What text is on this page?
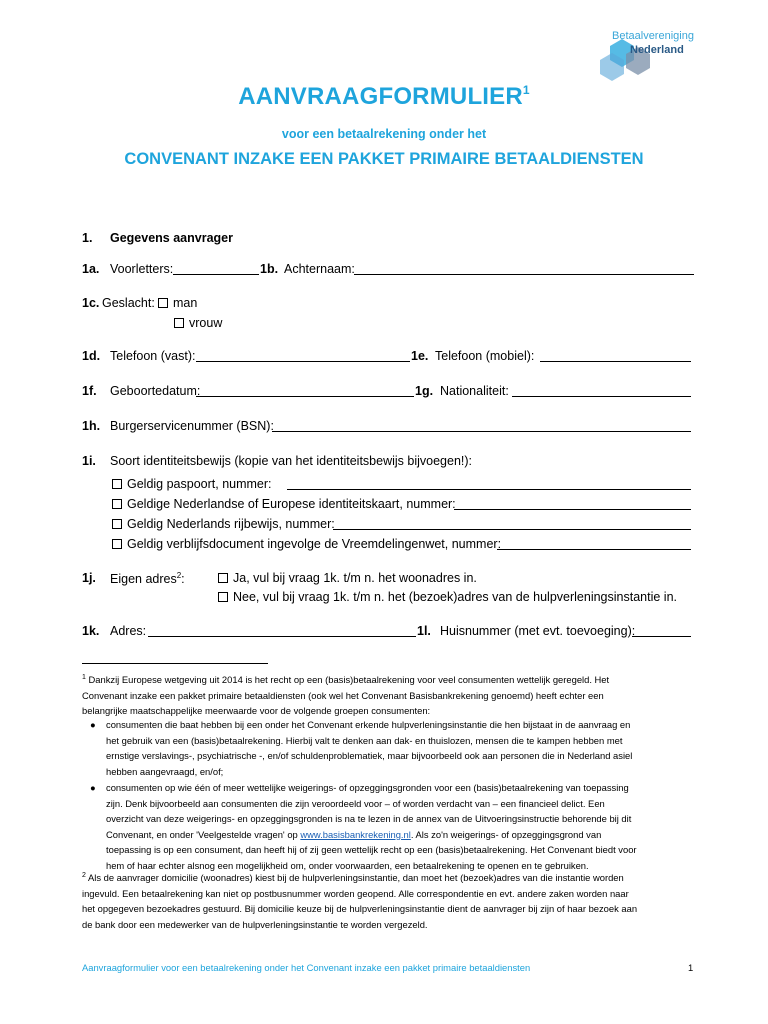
Betaalvereniging
Nederland
AANVRAAGFORMULIER$^1$
voor een betaalrekening onder het
CONVENANT INZAKE EEN PAKKET PRIMAIRE BETAALDIENSTEN
1. Gegevens aanvrager
1a. Voorletters:	1b. Achternaam:
1c. Geslacht:	man
vrouw
1d. Telefoon (vast):	1e. Telefoon (mobiel):
1f. Geboortedatum:	1g. Nationaliteit:
1h. Burgerservicenummer (BSN):
1i. Soort identiteitsbewijs (kopie van het identiteitsbewijs bijvoegen!):
Geldig paspoort, nummer:
Geldige Nederlandse of Europese identiteitskaart, nummer:
Geldig Nederlands rijbewijs, nummer:
Geldig verblijfsdocument ingevolge de Vreemdelingenwet, nummer:
1j. Eigen adres$^2$:	Ja, vul bij vraag 1k. t/m n. het woonadres in.
Nee, vul bij vraag 1k. t/m n. het (bezoek)adres van de hulpverleningsinstantie in.
1k. Adres:	1l. Huisnummer (met evt. toevoeging):
$^1$ Dankzij Europese wetgeving uit 2014 is het recht op een (basis)betaalrekening voor veel consumenten wettelijk geregeld. Het
Convenant inzake een pakket primaire betaaldiensten (ook wel het Convenant Basisbankrekening genoemd) heeft echter een
belangrijke maatschappelijke meerwaarde voor de volgende groepen consumenten:
● consumenten die baat hebben bij een onder het Convenant erkende hulpverleningsinstantie die hen bijstaat in de aanvraag en
het gebruik van een (basis)betaalrekening. Hierbij valt te denken aan dak- en thuislozen, mensen die te kampen hebben met
ernstige verslavings-, psychiatrische -, en/of schuldenproblematiek, maar bijvoorbeeld ook aan personen die in Nederland asiel
hebben aangevraagd, en/of;
● consumenten op wie één of meer wettelijke weigerings- of opzeggingsgronden voor een (basis)betaalrekening van toepassing
zijn. Denk bijvoorbeeld aan consumenten die zijn veroordeeld voor – of worden verdacht van – een financieel delict. Een
overzicht van deze weigerings- en opzeggingsgronden is na te lezen in de annex van de Uitvoeringsinstructie behorende bij dit
Convenant, en onder 'Veelgestelde vragen' op www.basisbankrekening.nl. Als zo'n weigerings- of opzeggingsgrond van
toepassing is op een consument, dan heeft hij of zij geen wettelijk recht op een (basis)betaalrekening. Het Convenant biedt voor
hem of haar echter alsnog een mogelijkheid om, onder voorwaarden, een betaalrekening te openen en te gebruiken.
$^2$ Als de aanvrager domicilie (woonadres) kiest bij de hulpverleningsinstantie, dan moet het (bezoek)adres van die instantie worden
ingevuld. Een betaalrekening kan niet op postbusnummer worden geopend. Alle correspondentie en evt. andere zaken worden naar
het opgegeven bezoekadres gestuurd. Bij domicilie keuze bij de hulpverleningsinstantie dient de aanvrager bij zijn of haar bezoek aan
de bank door een medewerker van de hulpverleningsinstantie te worden vergezeld.
Aanvraagformulier voor een betaalrekening onder het Convenant inzake een pakket primaire betaaldiensten	1
